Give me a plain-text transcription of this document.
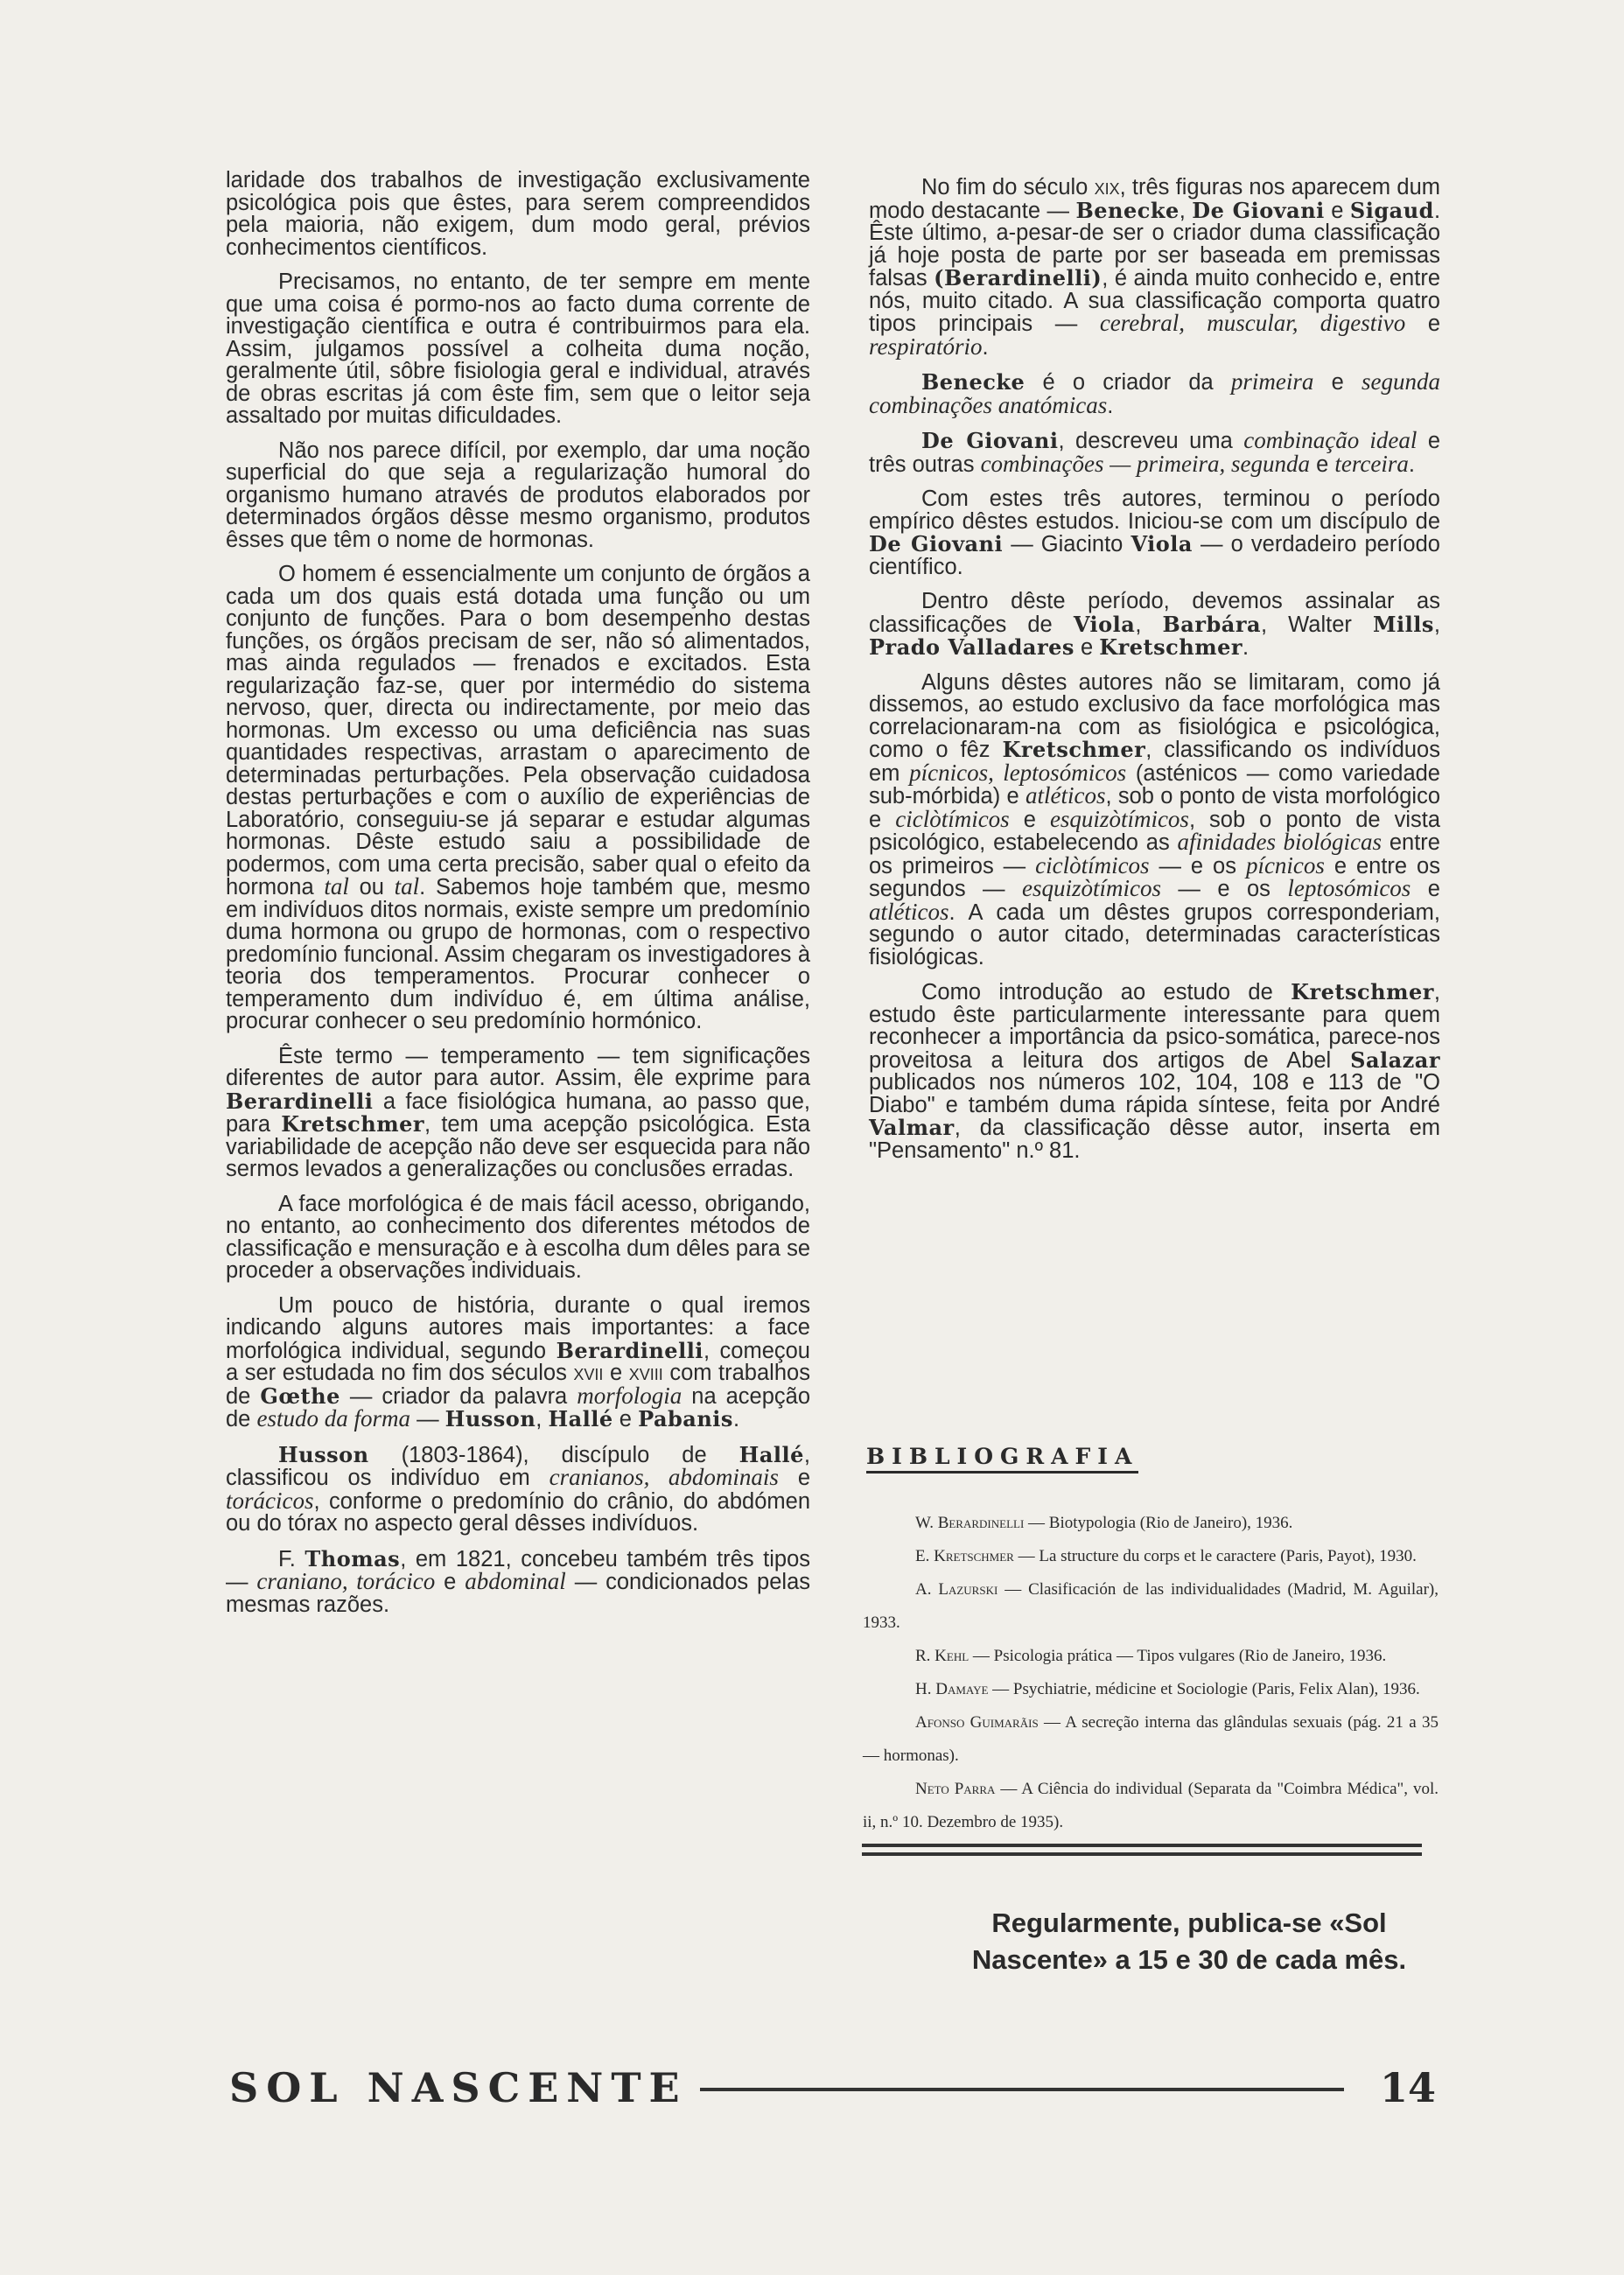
laridade dos trabalhos de investigação exclusivamente psicológica pois que êstes, para serem compreendidos pela maioria, não exigem, dum modo geral, prévios conhecimentos científicos.

Precisamos, no entanto, de ter sempre em mente que uma coisa é pormo-nos ao facto duma corrente de investigação científica e outra é contribuirmos para ela. Assim, julgamos possível a colheita duma noção, geralmente útil, sôbre fisiologia geral e individual, através de obras escritas já com êste fim, sem que o leitor seja assaltado por muitas dificuldades.

Não nos parece difícil, por exemplo, dar uma noção superficial do que seja a regularização humoral do organismo humano através de produtos elaborados por determinados órgãos dêsse mesmo organismo, produtos êsses que têm o nome de hormonas.

O homem é essencialmente um conjunto de órgãos a cada um dos quais está dotada uma função ou um conjunto de funções. Para o bom desempenho destas funções, os órgãos precisam de ser, não só alimentados, mas ainda regulados — frenados e excitados. Esta regularização faz-se, quer por intermédio do sistema nervoso, quer, directa ou indirectamente, por meio das hormonas. Um excesso ou uma deficiência nas suas quantidades respectivas, arrastam o aparecimento de determinadas perturbações. Pela observação cuidadosa destas perturbações e com o auxílio de experiências de Laboratório, conseguiu-se já separar e estudar algumas hormonas. Dêste estudo saiu a possibilidade de podermos, com uma certa precisão, saber qual o efeito da hormona tal ou tal. Sabemos hoje também que, mesmo em indivíduos ditos normais, existe sempre um predomínio duma hormona ou grupo de hormonas, com o respectivo predomínio funcional. Assim chegaram os investigadores à teoria dos temperamentos. Procurar conhecer o temperamento dum indivíduo é, em última análise, procurar conhecer o seu predomínio hormónico.

Êste termo — temperamento — tem significações diferentes de autor para autor. Assim, êle exprime para Berardinelli a face fisiológica humana, ao passo que, para Kretschmer, tem uma acepção psicológica. Esta variabilidade de acepção não deve ser esquecida para não sermos levados a generalizações ou conclusões erradas.

A face morfológica é de mais fácil acesso, obrigando, no entanto, ao conhecimento dos diferentes métodos de classificação e mensuração e à escolha dum dêles para se proceder a observações individuais.

Um pouco de história, durante o qual iremos indicando alguns autores mais importantes: a face morfológica individual, segundo Berardinelli, começou a ser estudada no fim dos séculos xvii e xviii com trabalhos de Gœthe — criador da palavra morfologia na acepção de estudo da forma — Husson, Hallé e Pabanis.

Husson (1803-1864), discípulo de Hallé, classificou os indivíduo em cranianos, abdominais e torácicos, conforme o predomínio do crânio, do abdómen ou do tórax no aspecto geral dêsses indivíduos.

F. Thomas, em 1821, concebeu também três tipos — craniano, torácico e abdominal — condicionados pelas mesmas razões.

No fim do século xix, três figuras nos aparecem dum modo destacante — Benecke, De Giovani e Sigaud. Êste último, a-pesar-de ser o criador duma classificação já hoje posta de parte por ser baseada em premissas falsas (Berardinelli), é ainda muito conhecido e, entre nós, muito citado. A sua classificação comporta quatro tipos principais — cerebral, muscular, digestivo e respiratório.

Benecke é o criador da primeira e segunda combinações anatómicas.

De Giovani, descreveu uma combinação ideal e três outras combinações — primeira, segunda e terceira.

Com estes três autores, terminou o período empírico dêstes estudos. Iniciou-se com um discípulo de De Giovani — Giacinto Viola — o verdadeiro período científico.

Dentro dêste período, devemos assinalar as classificações de Viola, Barbára, Walter Mills, Prado Valladares e Kretschmer.

Alguns dêstes autores não se limitaram, como já dissemos, ao estudo exclusivo da face morfológica mas correlacionaram-na com as fisiológica e psicológica, como o fêz Kretschmer, classificando os indivíduos em pícnicos, leptosómicos (asténicos — como variedade sub-mórbida) e atléticos, sob o ponto de vista morfológico e ciclòtímicos e esquizòtímicos, sob o ponto de vista psicológico, estabelecendo as afinidades biológicas entre os primeiros — ciclòtímicos — e os pícnicos e entre os segundos — esquizòtímicos — e os leptosómicos e atléticos. A cada um dêstes grupos corresponderiam, segundo o autor citado, determinadas características fisiológicas.

Como introdução ao estudo de Kretschmer, estudo êste particularmente interessante para quem reconhecer a importância da psico-somática, parece-nos proveitosa a leitura dos artigos de Abel Salazar publicados nos números 102, 104, 108 e 113 de "O Diabo" e também duma rápida síntese, feita por André Valmar, da classificação dêsse autor, inserta em "Pensamento" n.º 81.

BIBLIOGRAFIA

W. Berardinelli — Biotypologia (Rio de Janeiro), 1936.

E. Kretschmer — La structure du corps et le caractere (Paris, Payot), 1930.

A. Lazurski — Clasificación de las individualidades (Madrid, M. Aguilar), 1933.

R. Kehl — Psicologia prática — Tipos vulgares (Rio de Janeiro, 1936.

H. Damaye — Psychiatrie, médicine et Sociologie (Paris, Felix Alan), 1936.

Afonso Guimarãis — A secreção interna das glândulas sexuais (pág. 21 a 35 — hormonas).

Neto Parra — A Ciência do individual (Separata da "Coimbra Médica", vol. ii, n.º 10. Dezembro de 1935).

Regularmente, publica-se «Sol Nascente» a 15 e 30 de cada mês.

SOL NASCENTE	14
